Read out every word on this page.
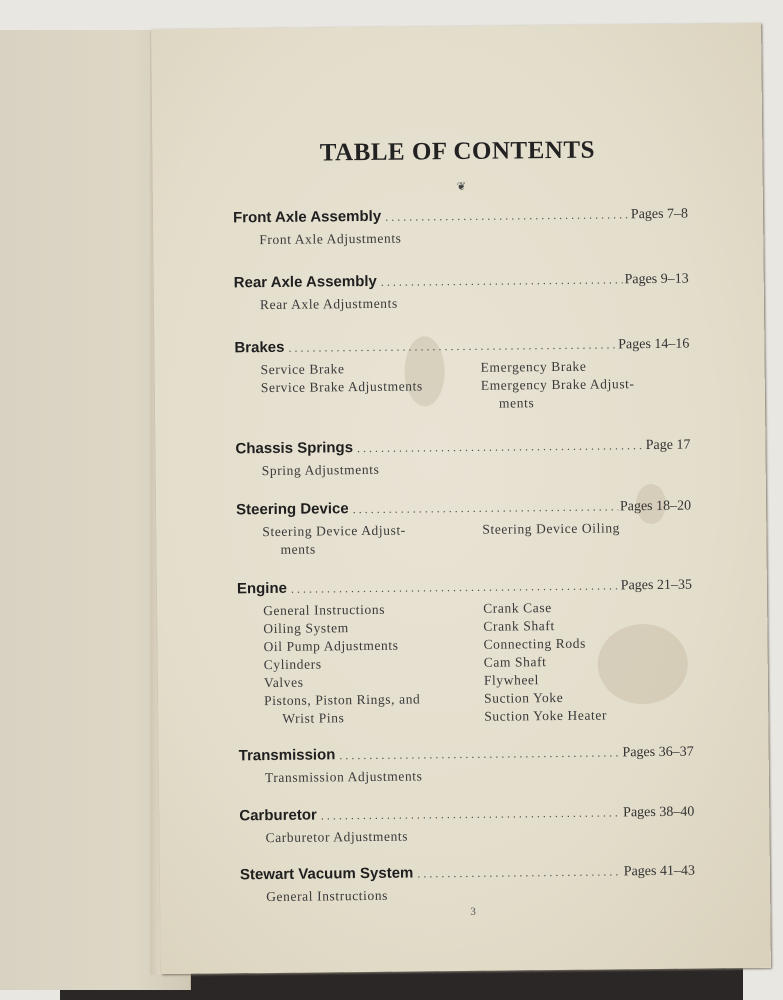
TABLE OF CONTENTS
❦
Front Axle Assembly . . .	Pages 7–8
Front Axle Adjustments
Rear Axle Assembly . . .	Pages 9–13
Rear Axle Adjustments
Brakes . . .	Pages 14–16
Service Brake
Service Brake Adjustments
Emergency Brake
Emergency Brake Adjust-
ments
Chassis Springs . . .	Page 17
Spring Adjustments
Steering Device . . .	Pages 18–20
Steering Device Adjust-
ments
Steering Device Oiling
Engine . . .	Pages 21–35
General Instructions
Oiling System
Oil Pump Adjustments
Cylinders
Valves
Pistons, Piston Rings, and
Wrist Pins
Crank Case
Crank Shaft
Connecting Rods
Cam Shaft
Flywheel
Suction Yoke
Suction Yoke Heater
Transmission . . .	Pages 36–37
Transmission Adjustments
Carburetor . . .	Pages 38–40
Carburetor Adjustments
Stewart Vacuum System . . .	Pages 41–43
General Instructions
3
